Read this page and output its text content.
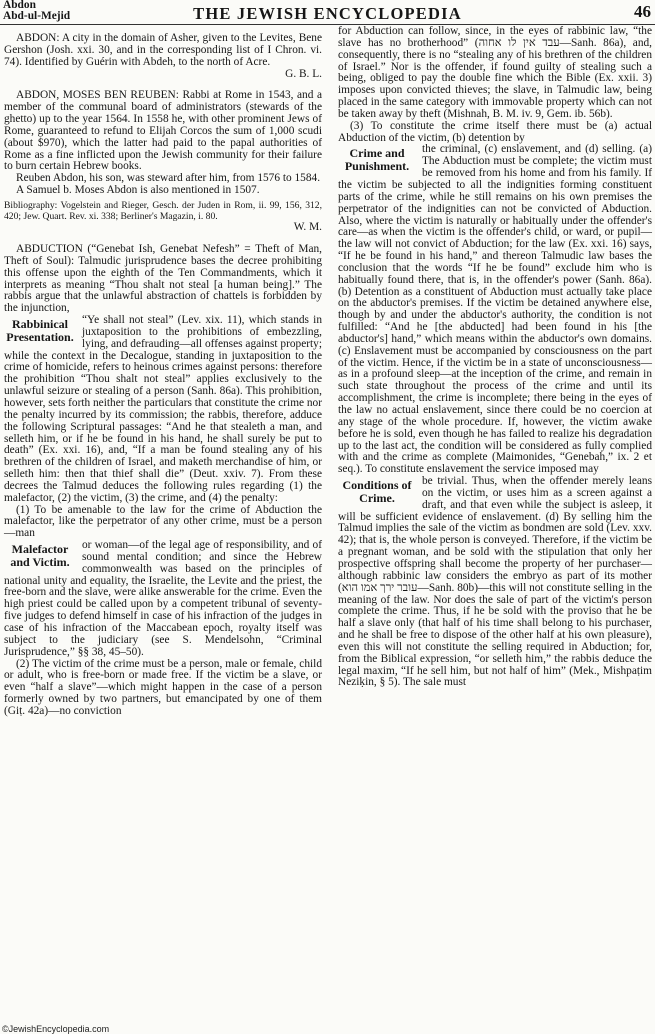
Abdon
Abd-ul-Mejid	THE JEWISH ENCYCLOPEDIA	46

ABDON: A city in the domain of Asher, given to the Levites, Bene Gershon (Josh. xxi. 30, and in the corresponding list of I Chron. vi. 74). Identified by Guérin with Abdeh, to the north of Acre.

G. B. L.

ABDON, MOSES BEN REUBEN: Rabbi at Rome in 1543, and a member of the communal board of administrators (stewards of the ghetto) up to the year 1564. In 1558 he, with other prominent Jews of Rome, guaranteed to refund to Elijah Corcos the sum of 1,000 scudi (about $970), which the latter had paid to the papal authorities of Rome as a fine inflicted upon the Jewish community for their failure to burn certain Hebrew books.

Reuben Abdon, his son, was steward after him, from 1576 to 1584.

A Samuel b. Moses Abdon is also mentioned in 1507.

Bibliography: Vogelstein and Rieger, Gesch. der Juden in Rom, ii. 99, 156, 312, 420; Jew. Quart. Rev. xi. 338; Berliner's Magazin, i. 80.

W. M.

ABDUCTION (“Genebat Ish, Genebat Nefesh” = Theft of Man, Theft of Soul): Talmudic jurisprudence bases the decree prohibiting this offense upon the eighth of the Ten Commandments, which it interprets as meaning “Thou shalt not steal [a human being].” The rabbis argue that the unlawful abstraction of chattels is forbidden by the injunction,

Rabbinical Presentation.

“Ye shall not steal” (Lev. xix. 11), which stands in juxtaposition to the prohibitions of embezzling, lying, and defrauding—all offenses against property; while the context in the Decalogue, standing in juxtaposition to the crime of homicide, refers to heinous crimes against persons: therefore the prohibition “Thou shalt not steal” applies exclusively to the unlawful seizure or stealing of a person (Sanh. 86a). This prohibition, however, sets forth neither the particulars that constitute the crime nor the penalty incurred by its commission; the rabbis, therefore, adduce the following Scriptural passages: “And he that stealeth a man, and selleth him, or if he be found in his hand, he shall surely be put to death” (Ex. xxi. 16), and, “If a man be found stealing any of his brethren of the children of Israel, and maketh merchandise of him, or selleth him: then that thief shall die” (Deut. xxiv. 7). From these decrees the Talmud deduces the following rules regarding (1) the malefactor, (2) the victim, (3) the crime, and (4) the penalty:

(1) To be amenable to the law for the crime of Abduction the malefactor, like the perpetrator of any other crime, must be a person—man

Malefactor and Victim.

or woman—of the legal age of responsibility, and of sound mental condition; and since the Hebrew commonwealth was based on the principles of national unity and equality, the Israelite, the Levite and the priest, the free-born and the slave, were alike answerable for the crime. Even the high priest could be called upon by a competent tribunal of seventy-five judges to defend himself in case of his infraction of the judges in case of his infraction of the Maccabean epoch, royalty itself was subject to the judiciary (see S. Mendelsohn, “Criminal Jurisprudence,” §§ 38, 45–50).

(2) The victim of the crime must be a person, male or female, child or adult, who is free-born or made free. If the victim be a slave, or even “half a slave”—which might happen in the case of a person formerly owned by two partners, but emancipated by one of them (Giṭ. 42a)—no conviction

for Abduction can follow, since, in the eyes of rabbinic law, “the slave has no brotherhood” (עבד אין לו אחוה—Sanh. 86a), and, consequently, there is no “stealing any of his brethren of the children of Israel.” Nor is the offender, if found guilty of stealing such a being, obliged to pay the double fine which the Bible (Ex. xxii. 3) imposes upon convicted thieves; the slave, in Talmudic law, being placed in the same category with immovable property which can not be taken away by theft (Mishnah, B. M. iv. 9, Gem. ib. 56b).

(3) To constitute the crime itself there must be (a) actual Abduction of the victim, (b) detention by

Crime and Punishment.

the criminal, (c) enslavement, and (d) selling. (a) The Abduction must be complete; the victim must be removed from his home and from his family. If the victim be subjected to all the indignities forming constituent parts of the crime, while he still remains on his own premises the perpetrator of the indignities can not be convicted of Abduction. Also, where the victim is naturally or habitually under the offender's care—as when the victim is the offender's child, or ward, or pupil—the law will not convict of Abduction; for the law (Ex. xxi. 16) says, “If he be found in his hand,” and thereon Talmudic law bases the conclusion that the words “If he be found” exclude him who is habitually found there, that is, in the offender's power (Sanh. 86a). (b) Detention as a constituent of Abduction must actually take place on the abductor's premises. If the victim be detained anywhere else, though by and under the abductor's authority, the condition is not fulfilled: “And he [the abducted] had been found in his [the abductor's] hand,” which means within the abductor's own domains. (c) Enslavement must be accompanied by consciousness on the part of the victim. Hence, if the victim be in a state of unconsciousness—as in a profound sleep—at the inception of the crime, and remain in such state throughout the process of the crime and until its accomplishment, the crime is incomplete; there being in the eyes of the law no actual enslavement, since there could be no coercion at any stage of the whole procedure. If, however, the victim awake before he is sold, even though he has failed to realize his degradation up to the last act, the condition will be considered as fully complied with and the crime as complete (Maimonides, “Genebah,” ix. 2 et seq.). To constitute enslavement the service imposed may

Conditions of Crime.

be trivial. Thus, when the offender merely leans on the victim, or uses him as a screen against a draft, and that even while the subject is asleep, it will be sufficient evidence of enslavement. (d) By selling him the Talmud implies the sale of the victim as bondmen are sold (Lev. xxv. 42); that is, the whole person is conveyed. Therefore, if the victim be a pregnant woman, and be sold with the stipulation that only her prospective offspring shall become the property of her purchaser—although rabbinic law considers the embryo as part of its mother (עובר ירך אמו הוא—Sanh. 80b)—this will not constitute selling in the meaning of the law. Nor does the sale of part of the victim's person complete the crime. Thus, if he be sold with the proviso that he be half a slave only (that half of his time shall belong to his purchaser, and he shall be free to dispose of the other half at his own pleasure), even this will not constitute the selling required in Abduction; for, from the Biblical expression, “or selleth him,” the rabbis deduce the legal maxim, “If he sell him, but not half of him” (Mek., Mishpaṭim Neziḳin, § 5). The sale must

©JewishEncyclopedia.com
